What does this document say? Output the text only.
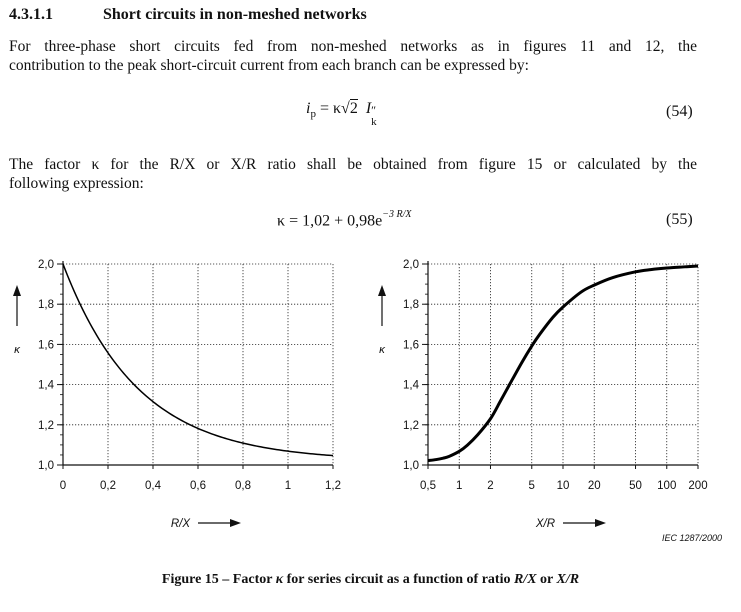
4.3.1.1	Short circuits in non-meshed networks
For three-phase short circuits fed from non-meshed networks as in figures 11 and 12, the
contribution to the peak short-circuit current from each branch can be expressed by:
$i_p = \kappa√2$ I ″
k
(54)
The factor κ for the R/X or X/R ratio shall be obtained from figure 15 or calculated by the
following expression:
$\kappa = 1,02 + 0,98e^{-3 R/X}$	(55)
0	0,2	0,4	0,6	0,8	1	1,2
1,0
1,2
1,4
1,6
1,8
2,0
κ
R/X
0,5 1 2	5 10 20 50 100 200
1,0
1,2
1,4
1,6
1,8
2,0
κ
X/R
IEC 1287/2000
Figure 15 – Factor κ for series circuit as a function of ratio R/X or X/R
